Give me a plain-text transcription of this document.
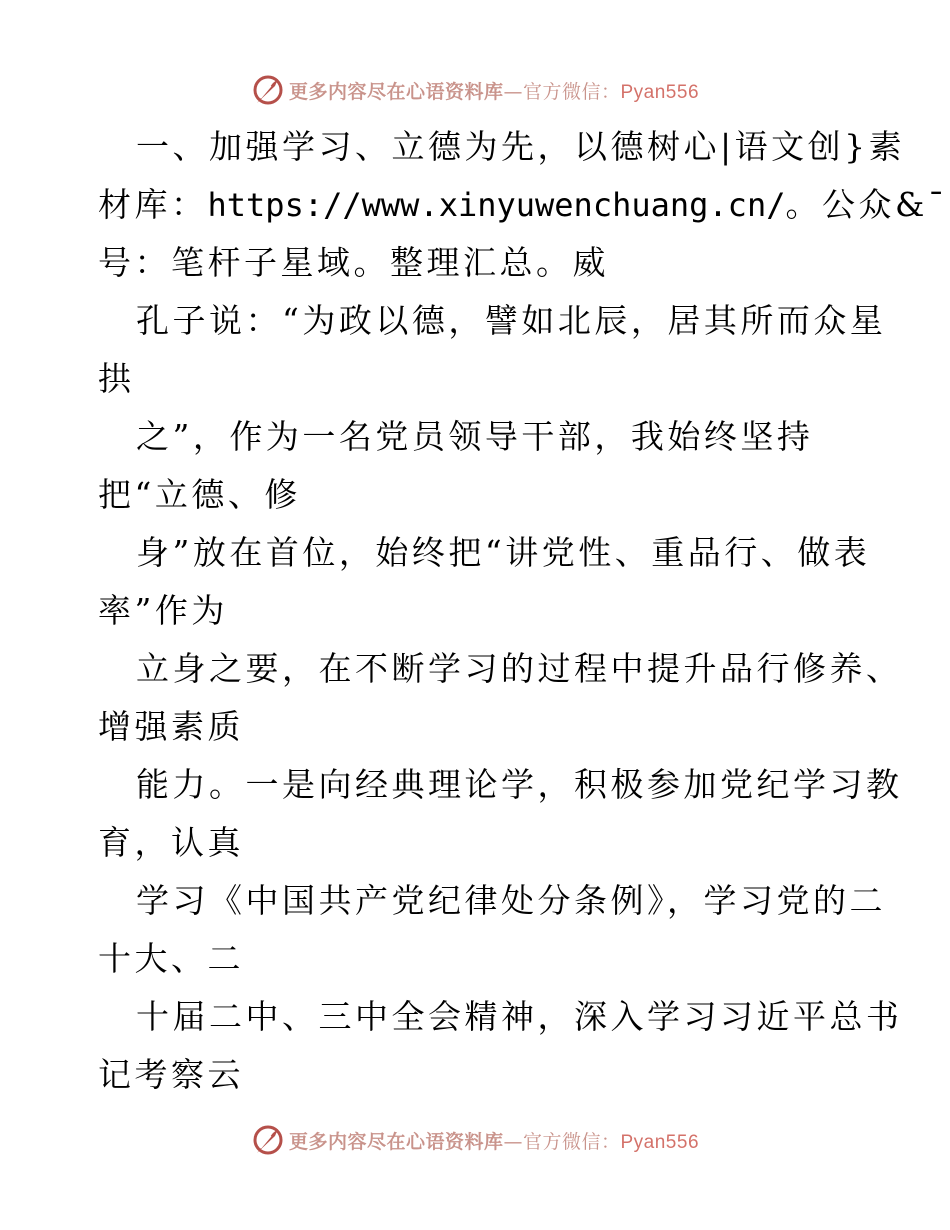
更多内容尽在心语资料库—官方微信：Pyan556
一、加强学习、立德为先，以德树心|语文创}素
材库：https://www.xinyuwenchuang.cn/。公众&¯
号：笔杆子星域。整理汇总。威
孔子说：“为政以德，譬如北辰，居其所而众星
拱
之”，作为一名党员领导干部，我始终坚持
把“立德、修
身”放在首位，始终把“讲党性、重品行、做表
率”作为
立身之要，在不断学习的过程中提升品行修养、
增强素质
能力。一是向经典理论学，积极参加党纪学习教
育，认真
学习《中国共产党纪律处分条例》，学习党的二
十大、二
十届二中、三中全会精神，深入学习习近平总书
记考察云
更多内容尽在心语资料库—官方微信：Pyan556
